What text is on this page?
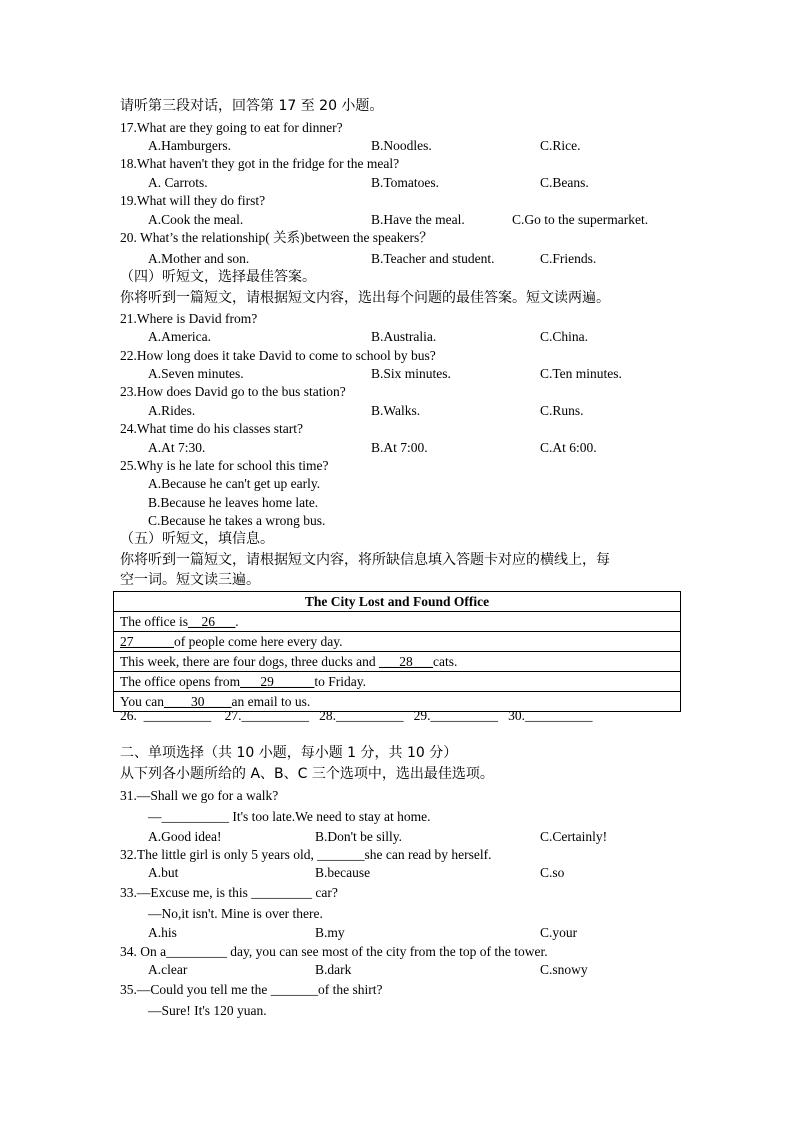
请听第三段对话，回答第 17 至 20 小题。
17.What are they going to eat for dinner?
A.Hamburgers.	B.Noodles.	C.Rice.
18.What haven't they got in the fridge for the meal?
A. Carrots.	B.Tomatoes.	C.Beans.
19.What will they do first?
A.Cook the meal.	B.Have the meal.	C.Go to the supermarket.
20. What’s the relationship( 关系)between the speakers？
A.Mother and son.	B.Teacher and student.	C.Friends.
（四）听短文，选择最佳答案。
你将听到一篇短文，请根据短文内容，选出每个问题的最佳答案。短文读两遍。
21.Where is David from?
A.America.	B.Australia.	C.China.
22.How long does it take David to come to school by bus?
A.Seven minutes.	B.Six minutes.	C.Ten minutes.
23.How does David go to the bus station?
A.Rides.	B.Walks.	C.Runs.
24.What time do his classes start?
A.At 7:30.	B.At 7:00.	C.At 6:00.
25.Why is he late for school this time?
A.Because he can't get up early.
B.Because he leaves home late.
C.Because he takes a wrong bus.
（五）听短文，填信息。
你将听到一篇短文，请根据短文内容，将所缺信息填入答题卡对应的横线上，每
空一词。短文读三遍。
The City Lost and Found Office
The office is__26___.
27______of people come here every day.
This week, there are four dogs, three ducks and ___28___cats.
The office opens from___29______to Friday.
You can____30____an email to us.
26.  __________    27.__________   28.__________   29.__________   30.__________
二、单项选择（共 10 小题，每小题 1 分，共 10 分）
从下列各小题所给的 A、B、C 三个选项中，选出最佳选项。
31.—Shall we go for a walk?
—__________ It's too late.We need to stay at home.
A.Good idea!	B.Don't be silly.	C.Certainly!
32.The little girl is only 5 years old, _______she can read by herself.
A.but	B.because	C.so
33.—Excuse me, is this _________ car?
—No,it isn't. Mine is over there.
A.his	B.my	C.your
34. On a_________ day, you can see most of the city from the top of the tower.
A.clear	B.dark	C.snowy
35.—Could you tell me the _______of the shirt?
—Sure! It's 120 yuan.
